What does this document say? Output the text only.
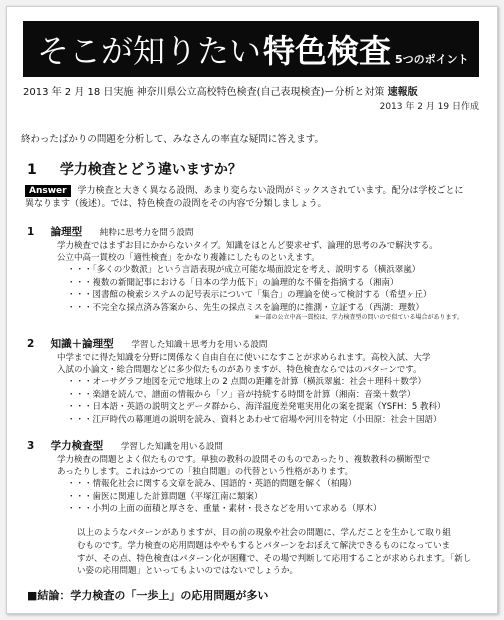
そこが知りたい 特色検査 5つのポイント
2013 年 2 月 18 日実施 神奈川県公立高校特色検査(自己表現検査)ー分析と対策 速報版
2013 年 2 月 19 日作成
終わったばかりの問題を分析して、みなさんの率直な疑問に答えます。
1 学力検査とどう違いますか？
Answer 学力検査と大きく異なる設問、あまり変らない設問がミックスされています。配分は学校ごとに
異なります（後述）。では、特色検査の設問をその内容で分類しましょう。
1 論理型 純粋に思考力を問う設問

学力検査ではまずお目にかからないタイプ。知識をほとんど要求せず、論理的思考のみで解決する。

公立中高一貫校の「適性検査」をかなり複雑にしたものといえます。

・・・「多くの少数派」という言語表現が成立可能な場面設定を考え、説明する（横浜翠嵐）
・・・複数の新聞記事における「日本の学力低下」の論理的な不備を指摘する（湘南）
・・・図書館の検索システムの記号表示について「集合」の理論を使って検討する（希望ヶ丘）
・・・不完全な採点済み答案から、先生の採点ミスを論理的に推測・立証する（西湖：理数）
※一部の公立中高一貫校は、学力検査型の問いので似ている場合があります。
2 知識＋論理型 学習した知識＋思考力を用いる設問

中学までに得た知識を分野に関係なく自由自在に使いになすことが求められます。高校入試、大学

入試の小論文・総合問題などに多少似たものがありますが、特色検査ならではのパターンです。

・・・オーサグラフ地図を元で地球上の 2 点間の距離を計算（横浜翠嵐：社会＋理科＋数学）
・・・楽譜を読んで、譜面の情報から「ソ」音が持続する時間を計算（湘南：音楽＋数学）
・・・日本語・英語の説明文とデータ群から、海洋温度差発電実用化の案を提案（YSFH：5 教科）
・・・江戸時代の幕運道の説明を読み、資料とあわせて宿場や河川を特定（小田原：社会＋国語）
3 学力検査型 学習した知識を用いる設問

学力検査の問題とよく似たものです。単独の教科の設問そのものであったり、複数教科の横断型で

あったりします。これはかつての「独自問題」の代替という性格があります。

・・・情報化社会に関する文章を読み、国語的・英語的問題を解く（柏陽）
・・・歯医に関連した計算問題（平塚江南に類案）
・・・小判の上面の面積と厚さを、重量・素材・長さなどを用いて求める（厚木）

以上のようなパターンがありますが、目の前の現象や社会の問題に、学んだことを生かして取り組

むものです。学力検査の応用問題はややもするとパターンをおぼえて解決できるものになっていま

すが、その点、特色検査はパターン化が困難で、その場で判断して応用することが求められます。「新し

い姿の応用問題」といってもよいのではないでしょうか。

■結論：学力検査の「一歩上」の応用問題が多い
